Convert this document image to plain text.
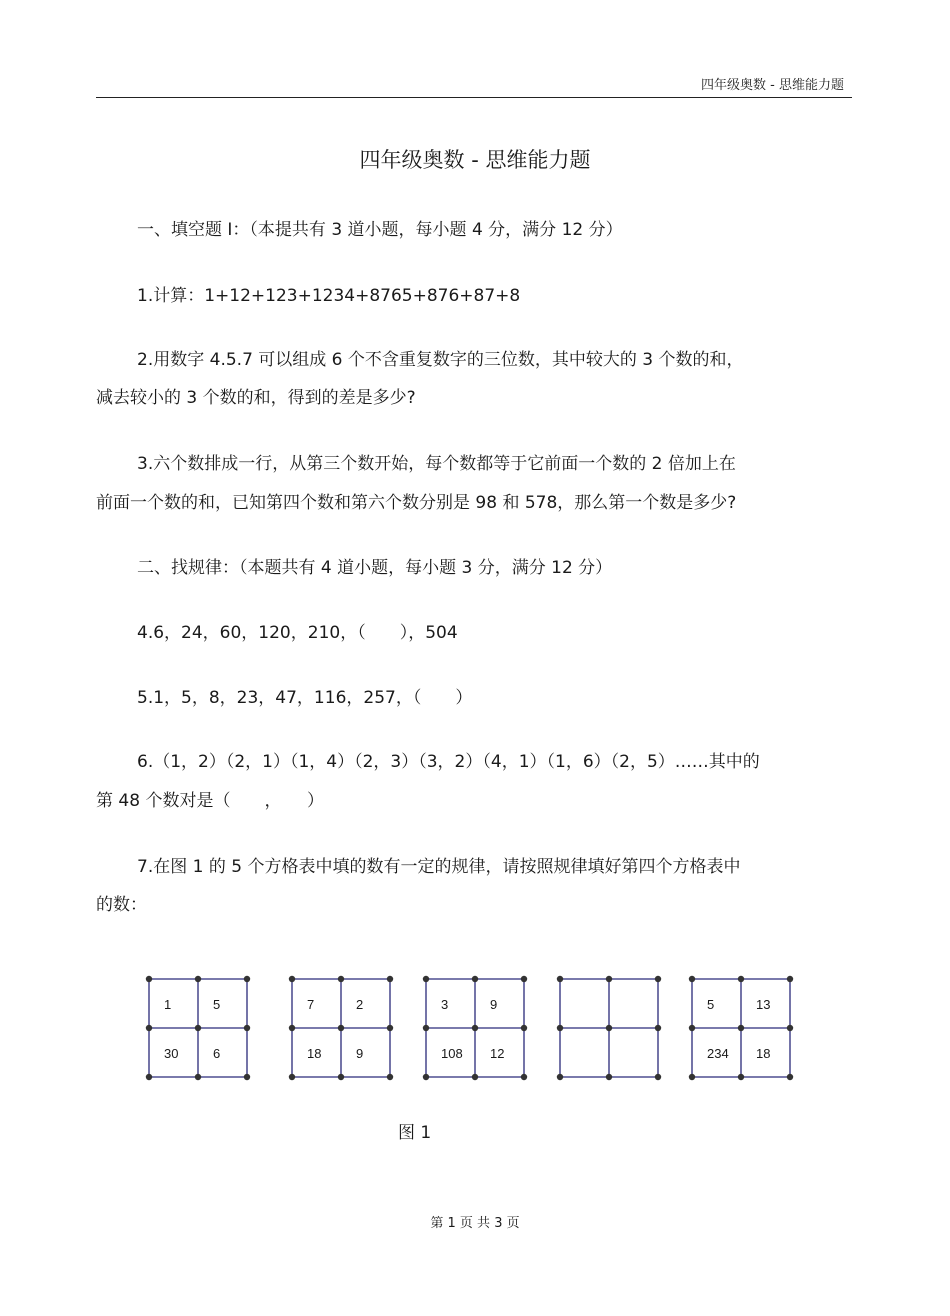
四年级奥数 - 思维能力题
四年级奥数 - 思维能力题
一、填空题 I：（本提共有 3 道小题，每小题 4 分，满分 12 分）
1.计算：1+12+123+1234+8765+876+87+8
2.用数字 4.5.7 可以组成 6 个不含重复数字的三位数，其中较大的 3 个数的和，
减去较小的 3 个数的和，得到的差是多少?
3.六个数排成一行，从第三个数开始，每个数都等于它前面一个数的 2 倍加上在
前面一个数的和，已知第四个数和第六个数分别是 98 和 578，那么第一个数是多少?
二、找规律：（本题共有 4 道小题，每小题 3 分，满分 12 分）
4.6，24，60，120，210，（　　），504
5.1，5，8，23，47，116，257，（　　）
6.（1，2）（2，1）（1，4）（2，3）（3，2）（4，1）（1，6）（2，5）……其中的
第 48 个数对是（　　，　　）
7.在图 1 的 5 个方格表中填的数有一定的规律，请按照规律填好第四个方格表中
的数：
1	5
30	6
7	2
18	9
3	9
108 12
5	13
234 18
图 1
第 1 页 共 3 页
